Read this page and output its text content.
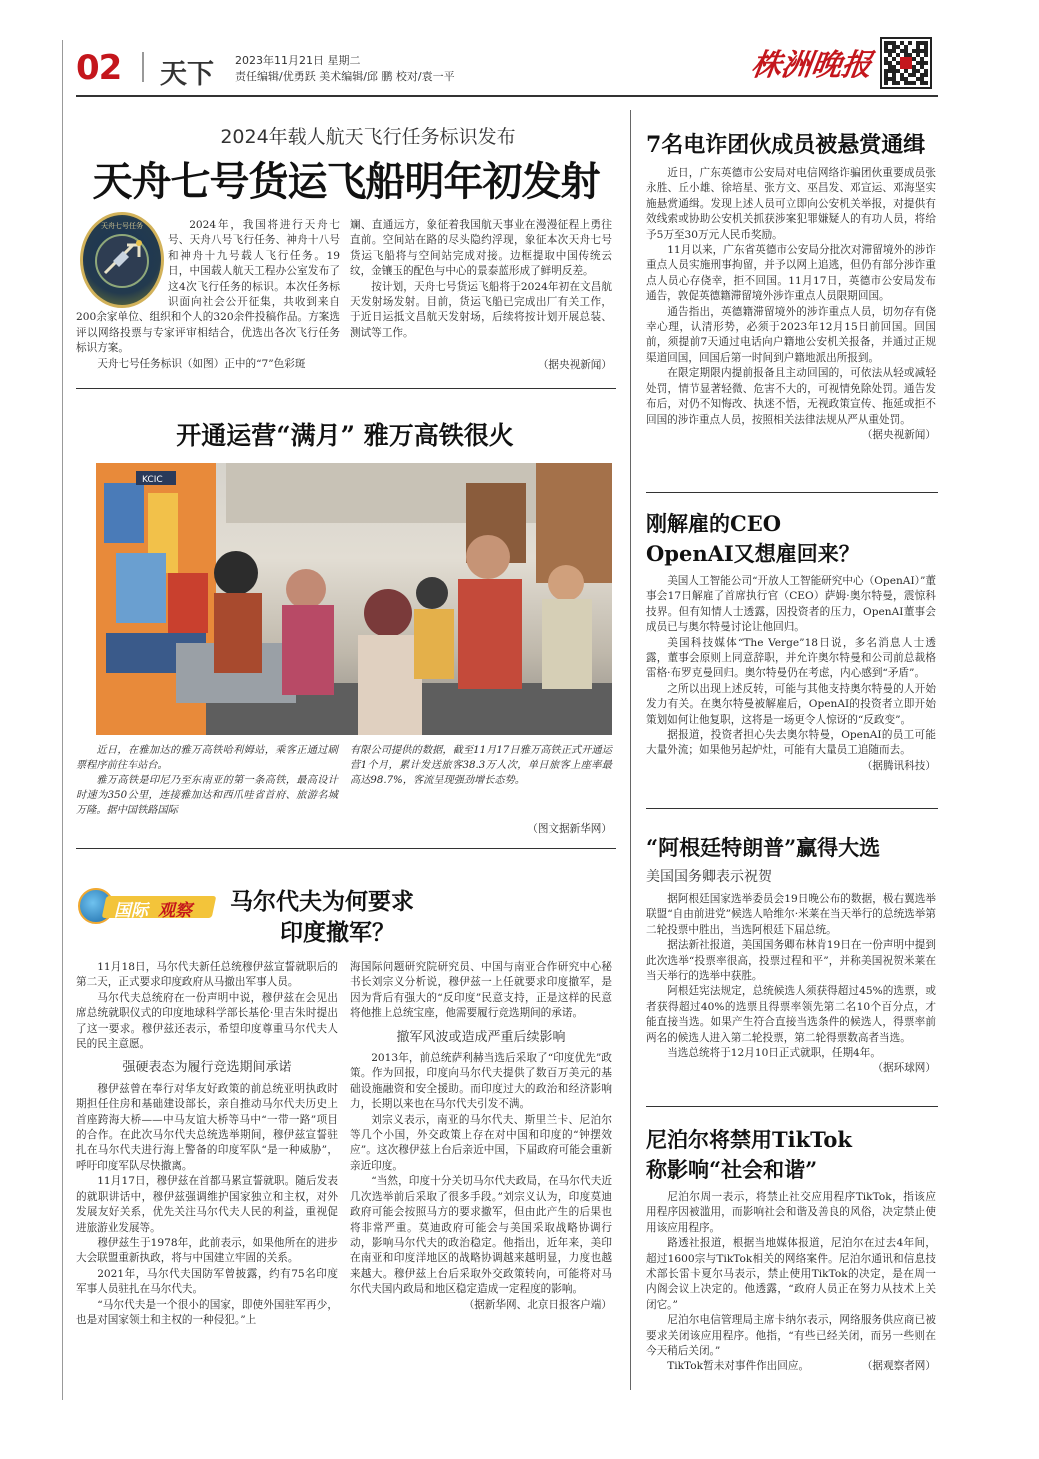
02 天下 2023年11月21日 星期二
责任编辑/优勇跃 美术编辑/邱 鹏 校对/袁一平	株洲晚报
2024年载人航天飞行任务标识发布
天舟七号货运飞船明年初发射
天舟七号任务	2024年，我国将进行天舟七号、天舟八号飞行任务、神舟十八号和神舟十九号载人飞行任务。19日，中国载人航天工程办公室发布了这4次飞行任务的标识。本次任务标识面向社会公开征集，共收到来自200余家单位、组织和个人的320余件投稿作品。方案选评以网络投票与专家评审相结合，优选出各次飞行任务标识方案。

天舟七号任务标识（如图）正中的“7”色彩斑

斓、直通远方，象征着我国航天事业在漫漫征程上勇往直前。空间站在路的尽头隐约浮现，象征本次天舟七号货运飞船将与空间站完成对接。边框提取中国传统云纹，金镶玉的配色与中心的景泰蓝形成了鲜明反差。

按计划，天舟七号货运飞船将于2024年初在文昌航天发射场发射。目前，货运飞船已完成出厂有关工作，于近日运抵文昌航天发射场，后续将按计划开展总装、测试等工作。

（据央视新闻）
开通运营“满月” 雅万高铁很火
KCIC

近日，在雅加达的雅万高铁哈利姆站，乘客正通过刷票程序前往车站台。

雅万高铁是印尼乃至东南亚的第一条高铁，最高设计时速为350公里，连接雅加达和西爪哇省首府、旅游名城万隆。据中国铁路国际

有限公司提供的数据，截至11月17日雅万高铁正式开通运营1个月，累计发送旅客38.3万人次，单日旅客上座率最高达98.7%，客流呈现强劲增长态势。

（图文据新华网）
国际 观察 马尔代夫为何要求
印度撤军？

11月18日，马尔代夫新任总统穆伊兹宣誓就职后的第二天，正式要求印度政府从马撤出军事人员。

马尔代夫总统府在一份声明中说，穆伊兹在会见出席总统就职仪式的印度地球科学部长基伦·里吉朱时提出了这一要求。穆伊兹还表示，希望印度尊重马尔代夫人民的民主意愿。

强硬表态为履行竞选期间承诺

穆伊兹曾在奉行对华友好政策的前总统亚明执政时期担任住房和基础建设部长，亲自推动马尔代夫历史上首座跨海大桥——中马友谊大桥等马中“一带一路”项目的合作。在此次马尔代夫总统选举期间，穆伊兹宣誓驻扎在马尔代夫进行海上警备的印度军队“是一种威胁”，呼吁印度军队尽快撤离。

11月17日，穆伊兹在首都马累宣誓就职。随后发表的就职讲话中，穆伊兹强调维护国家独立和主权，对外发展友好关系，优先关注马尔代夫人民的利益，重视促进旅游业发展等。

穆伊兹生于1978年，此前表示，如果他所在的进步大会联盟重新执政，将与中国建立牢固的关系。

2021年，马尔代夫国防军曾披露，约有75名印度军事人员驻扎在马尔代夫。

“马尔代夫是一个很小的国家，即使外国驻军再少，也是对国家领土和主权的一种侵犯。”上

海国际问题研究院研究员、中国与南亚合作研究中心秘书长刘宗义分析说，穆伊兹一上任就要求印度撤军，是因为背后有强大的“反印度”民意支持，正是这样的民意将他推上总统宝座，他需要履行竞选期间的承诺。

撤军风波或造成严重后续影响

2013年，前总统萨利赫当选后采取了“印度优先”政策。作为回报，印度向马尔代夫提供了数百万美元的基础设施融资和安全援助。而印度过大的政治和经济影响力，长期以来也在马尔代夫引发不满。

刘宗义表示，南亚的马尔代夫、斯里兰卡、尼泊尔等几个小国，外交政策上存在对中国和印度的“钟摆效应”。这次穆伊兹上台后亲近中国，下届政府可能会重新亲近印度。

“当然，印度十分关切马尔代夫政局，在马尔代夫近几次选举前后采取了很多手段。”刘宗义认为，印度莫迪政府可能会按照马方的要求撤军，但由此产生的后果也将非常严重。莫迪政府可能会与美国采取战略协调行动，影响马尔代夫的政治稳定。他指出，近年来，美印在南亚和印度洋地区的战略协调越来越明显，力度也越来越大。穆伊兹上台后采取外交政策转向，可能将对马尔代夫国内政局和地区稳定造成一定程度的影响。

（据新华网、北京日报客户端）
7名电诈团伙成员被悬赏通缉

近日，广东英德市公安局对电信网络诈骗团伙重要成员张永胜、丘小雄、徐培星、张方文、巫昌发、邓宣运、邓海坚实施悬赏通缉。发现上述人员可立即向公安机关举报，对提供有效线索或协助公安机关抓获涉案犯罪嫌疑人的有功人员，将给予5万至30万元人民币奖励。

11月以来，广东省英德市公安局分批次对滞留境外的涉诈重点人员实施刑事拘留，并予以网上追逃，但仍有部分涉诈重点人员心存侥幸，拒不回国。11月17日，英德市公安局发布通告，敦促英德籍滞留境外涉诈重点人员限期回国。

通告指出，英德籍滞留境外的涉诈重点人员，切勿存有侥幸心理，认清形势，必须于2023年12月15日前回国。回国前，须提前7天通过电话向户籍地公安机关报备，并通过正规渠道回国，回国后第一时间到户籍地派出所报到。

在限定期限内提前报备且主动回国的，可依法从轻或减轻处罚，情节显著轻微、危害不大的，可视情免除处罚。通告发布后，对仍不知悔改、执迷不悟，无视政策宣传、拖延或拒不回国的涉诈重点人员，按照相关法律法规从严从重处罚。

（据央视新闻）
刚解雇的CEO
OpenAI又想雇回来？

美国人工智能公司“开放人工智能研究中心（OpenAI）”董事会17日解雇了首席执行官（CEO）萨姆·奥尔特曼，震惊科技界。但有知情人士透露，因投资者的压力，OpenAI董事会成员已与奥尔特曼讨论让他回归。

美国科技媒体“The Verge”18日说，多名消息人士透露，董事会原则上同意辞职，并允许奥尔特曼和公司前总裁格雷格·布罗克曼回归。奥尔特曼仍在考虑，内心感到“矛盾”。

之所以出现上述反转，可能与其他支持奥尔特曼的人开始发力有关。在奥尔特曼被解雇后，OpenAI的投资者立即开始策划如何让他复职，这将是一场更令人惊讶的“反政变”。

据报道，投资者担心失去奥尔特曼，OpenAI的员工可能大量外流；如果他另起炉灶，可能有大量员工追随而去。

（据腾讯科技）
“阿根廷特朗普”赢得大选
美国国务卿表示祝贺

据阿根廷国家选举委员会19日晚公布的数据，极右翼选举联盟“自由前进党”候选人哈维尔·米莱在当天举行的总统选举第二轮投票中胜出，当选阿根廷下届总统。

据法新社报道，美国国务卿布林肯19日在一份声明中提到此次选举“投票率很高，投票过程和平”，并称美国祝贺米莱在当天举行的选举中获胜。

阿根廷宪法规定，总统候选人须获得超过45%的选票，或者获得超过40%的选票且得票率领先第二名10个百分点，才能直接当选。如果产生符合直接当选条件的候选人，得票率前两名的候选人进入第二轮投票，第二轮得票数高者当选。

当选总统将于12月10日正式就职，任期4年。

（据环球网）
尼泊尔将禁用TikTok
称影响“社会和谐”

尼泊尔周一表示，将禁止社交应用程序TikTok，指该应用程序因被滥用，而影响社会和谐及善良的风俗，决定禁止使用该应用程序。

路透社报道，根据当地媒体报道，尼泊尔在过去4年间，超过1600宗与TikTok相关的网络案件。尼泊尔通讯和信息技术部长雷卡夏尔马表示，禁止使用TikTok的决定，是在周一内阁会议上决定的。他透露，“政府人员正在努力从技术上关闭它。”

尼泊尔电信管理局主席卡纳尔表示，网络服务供应商已被要求关闭该应用程序。他指，“有些已经关闭，而另一些则在今天稍后关闭。”

TikTok暂未对事件作出回应。	（据观察者网）
